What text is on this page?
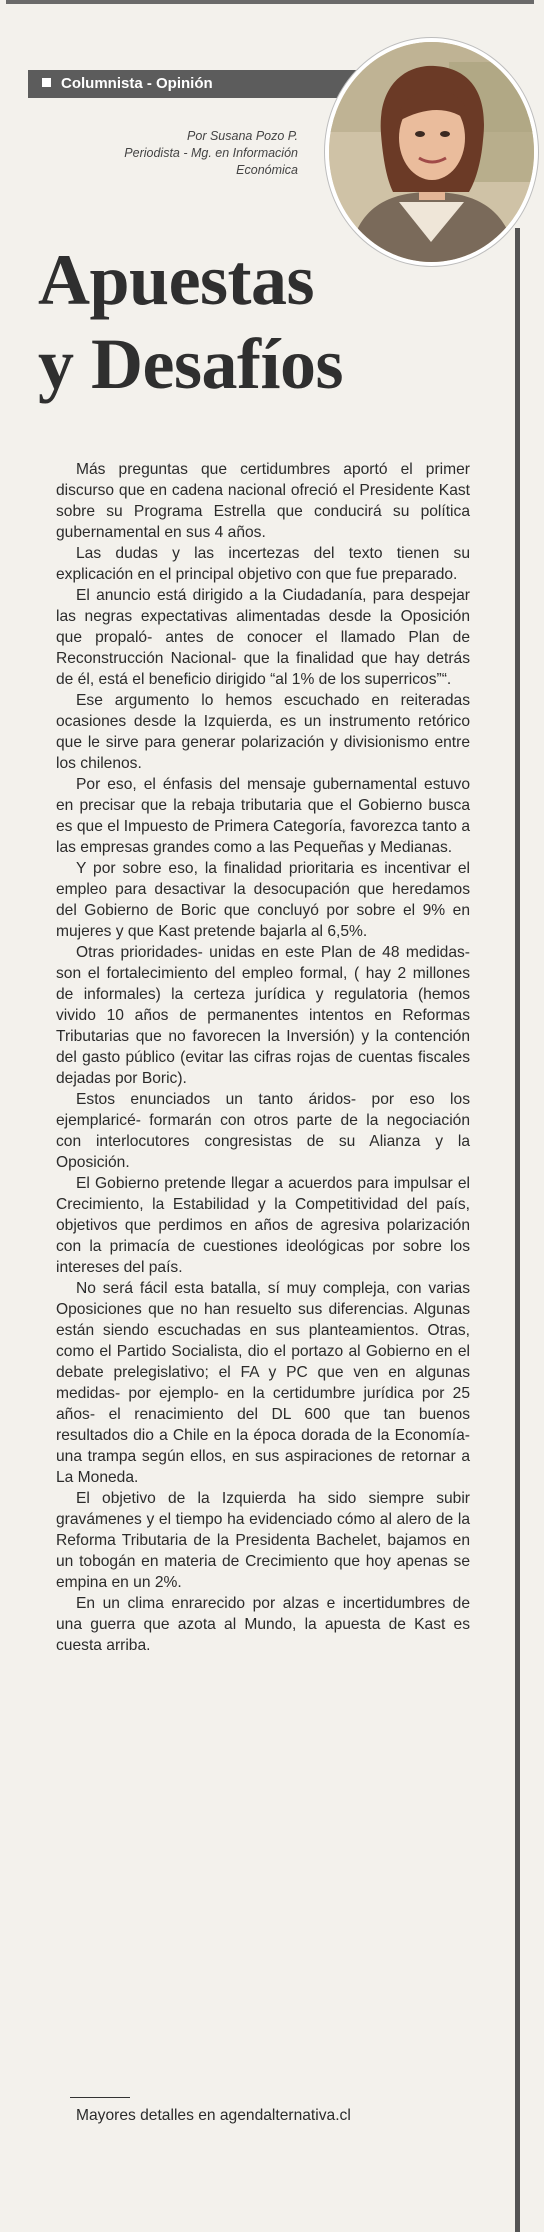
Columnista - Opinión
Por Susana Pozo P.
Periodista - Mg. en Información
Económica
Apuestas
y Desafíos

Más preguntas que certidumbres aportó el primer discurso que en cadena nacional ofreció el Presidente Kast sobre su Programa Estrella que conducirá su política gubernamental en sus 4 años.

Las dudas y las incertezas del texto tienen su explicación en el principal objetivo con que fue preparado.

El anuncio está dirigido a la Ciudadanía, para despejar las negras expectativas alimentadas desde la Oposición que propaló- antes de conocer el llamado Plan de Reconstrucción Nacional- que la finalidad que hay detrás de él, está el beneficio dirigido “al 1% de los superricos”“.

Ese argumento lo hemos escuchado en reiteradas ocasiones desde la Izquierda, es un instrumento retórico que le sirve para generar polarización y divisionismo entre los chilenos.

Por eso, el énfasis del mensaje gubernamental estuvo en precisar que la rebaja tributaria que el Gobierno busca es que el Impuesto de Primera Categoría, favorezca tanto a las empresas grandes como a las Pequeñas y Medianas.

Y por sobre eso, la finalidad prioritaria es incentivar el empleo para desactivar la desocupación que heredamos del Gobierno de Boric que concluyó por sobre el 9% en mujeres y que Kast pretende bajarla al 6,5%.

Otras prioridades- unidas en este Plan de 48 medidas- son el fortalecimiento del empleo formal, ( hay 2 millones de informales) la certeza jurídica y regulatoria (hemos vivido 10 años de permanentes intentos en Reformas Tributarias que no favorecen la Inversión) y la contención del gasto público (evitar las cifras rojas de cuentas fiscales dejadas por Boric).

Estos enunciados un tanto áridos- por eso los ejemplaricé- formarán con otros parte de la negociación con interlocutores congresistas de su Alianza y la Oposición.

El Gobierno pretende llegar a acuerdos para impulsar el Crecimiento, la Estabilidad y la Competitividad del país, objetivos que perdimos en años de agresiva polarización con la primacía de cuestiones ideológicas por sobre los intereses del país.

No será fácil esta batalla, sí muy compleja, con varias Oposiciones que no han resuelto sus diferencias. Algunas están siendo escuchadas en sus planteamientos. Otras, como el Partido Socialista, dio el portazo al Gobierno en el debate prelegislativo; el FA y PC que ven en algunas medidas- por ejemplo- en la certidumbre jurídica por 25 años- el renacimiento del DL 600 que tan buenos resultados dio a Chile en la época dorada de la Economía- una trampa según ellos, en sus aspiraciones de retornar a La Moneda.

El objetivo de la Izquierda ha sido siempre subir gravámenes y el tiempo ha evidenciado cómo al alero de la Reforma Tributaria de la Presidenta Bachelet, bajamos en un tobogán en materia de Crecimiento que hoy apenas se empina en un 2%.

En un clima enrarecido por alzas e incertidumbres de una guerra que azota al Mundo, la apuesta de Kast es cuesta arriba.

Mayores detalles en agendalternativa.cl
